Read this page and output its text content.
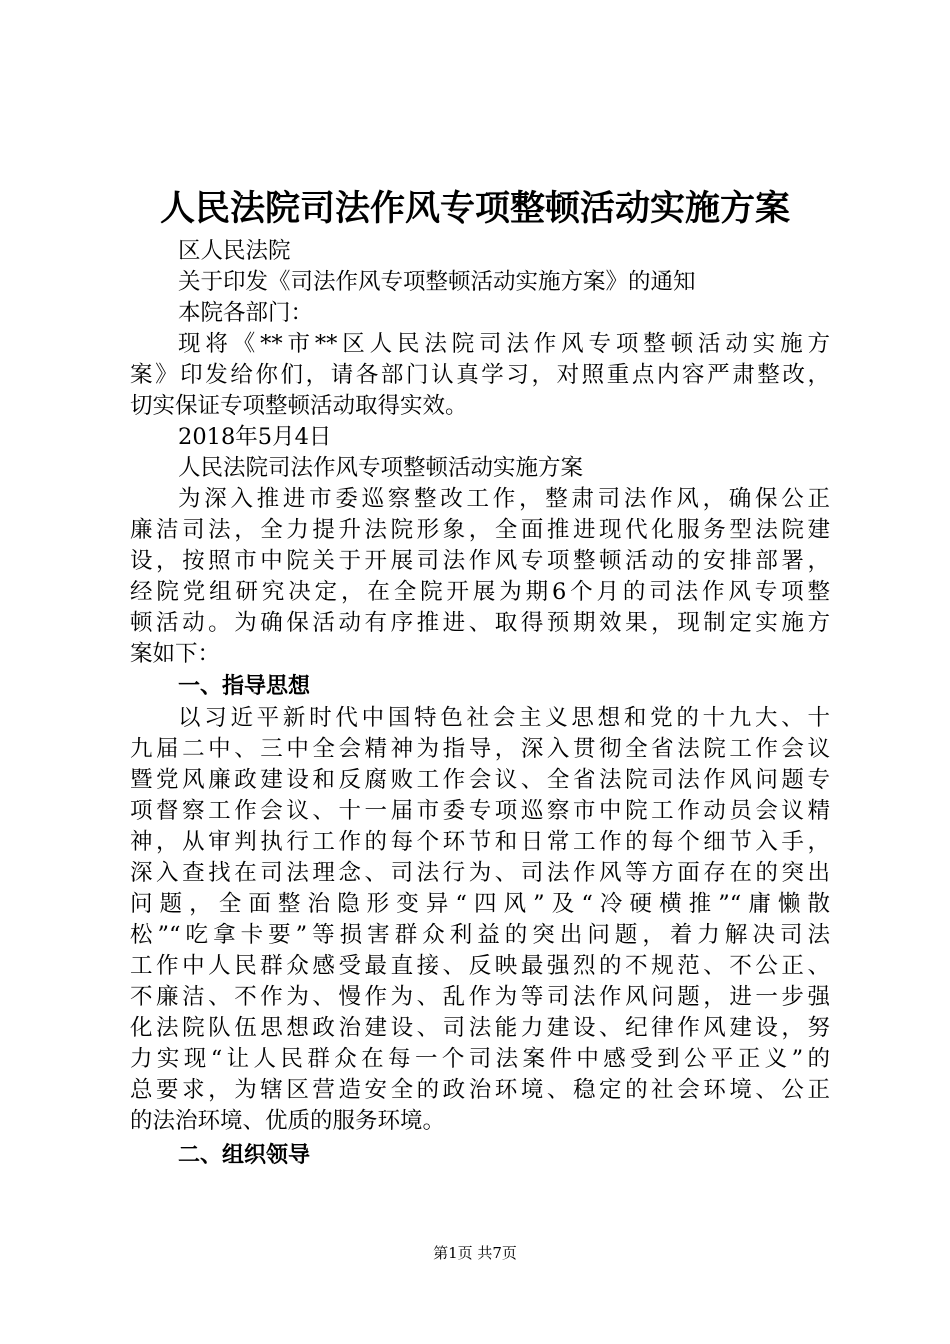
人民法院司法作风专项整顿活动实施方案
区人民法院
关于印发《司法作风专项整顿活动实施方案》的通知
本院各部门：
现将《**市**区人民法院司法作风专项整顿活动实施方
案》印发给你们，请各部门认真学习，对照重点内容严肃整改，
切实保证专项整顿活动取得实效。
2018年5月4日
人民法院司法作风专项整顿活动实施方案
为深入推进市委巡察整改工作，整肃司法作风，确保公正
廉洁司法，全力提升法院形象，全面推进现代化服务型法院建
设，按照市中院关于开展司法作风专项整顿活动的安排部署，
经院党组研究决定，在全院开展为期6个月的司法作风专项整
顿活动。为确保活动有序推进、取得预期效果，现制定实施方
案如下：
一、指导思想
以习近平新时代中国特色社会主义思想和党的十九大、十
九届二中、三中全会精神为指导，深入贯彻全省法院工作会议
暨党风廉政建设和反腐败工作会议、全省法院司法作风问题专
项督察工作会议、十一届市委专项巡察市中院工作动员会议精
神，从审判执行工作的每个环节和日常工作的每个细节入手，
深入查找在司法理念、司法行为、司法作风等方面存在的突出
问题，全面整治隐形变异“四风”及“冷硬横推”“庸懒散
松”“吃拿卡要”等损害群众利益的突出问题，着力解决司法
工作中人民群众感受最直接、反映最强烈的不规范、不公正、
不廉洁、不作为、慢作为、乱作为等司法作风问题，进一步强
化法院队伍思想政治建设、司法能力建设、纪律作风建设，努
力实现“让人民群众在每一个司法案件中感受到公平正义”的
总要求，为辖区营造安全的政治环境、稳定的社会环境、公正
的法治环境、优质的服务环境。
二、组织领导
第1页 共7页
